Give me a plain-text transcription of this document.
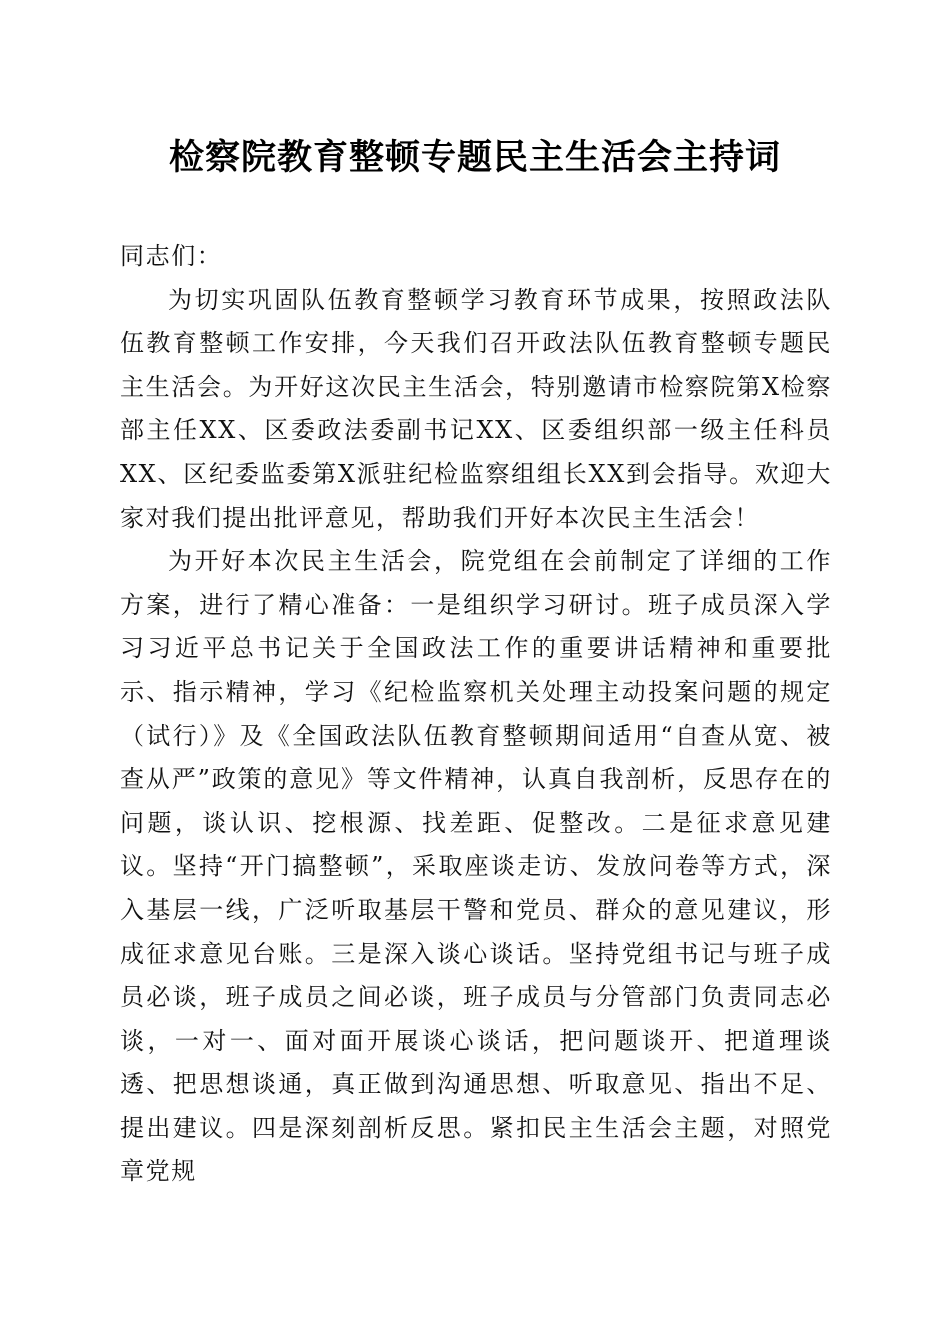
检察院教育整顿专题民主生活会主持词

同志们：

为切实巩固队伍教育整顿学习教育环节成果，按照政法队伍教育整顿工作安排，今天我们召开政法队伍教育整顿专题民主生活会。为开好这次民主生活会，特别邀请市检察院第X检察部主任XX、区委政法委副书记XX、区委组织部一级主任科员XX、区纪委监委第X派驻纪检监察组组长XX到会指导。欢迎大家对我们提出批评意见，帮助我们开好本次民主生活会！

为开好本次民主生活会，院党组在会前制定了详细的工作方案，进行了精心准备：一是组织学习研讨。班子成员深入学习习近平总书记关于全国政法工作的重要讲话精神和重要批示、指示精神，学习《纪检监察机关处理主动投案问题的规定（试行）》及《全国政法队伍教育整顿期间适用“自查从宽、被查从严”政策的意见》等文件精神，认真自我剖析，反思存在的问题，谈认识、挖根源、找差距、促整改。二是征求意见建议。坚持“开门搞整顿”，采取座谈走访、发放问卷等方式，深入基层一线，广泛听取基层干警和党员、群众的意见建议，形成征求意见台账。三是深入谈心谈话。坚持党组书记与班子成员必谈，班子成员之间必谈，班子成员与分管部门负责同志必谈，一对一、面对面开展谈心谈话，把问题谈开、把道理谈透、把思想谈通，真正做到沟通思想、听取意见、指出不足、提出建议。四是深刻剖析反思。紧扣民主生活会主题，对照党章党规
